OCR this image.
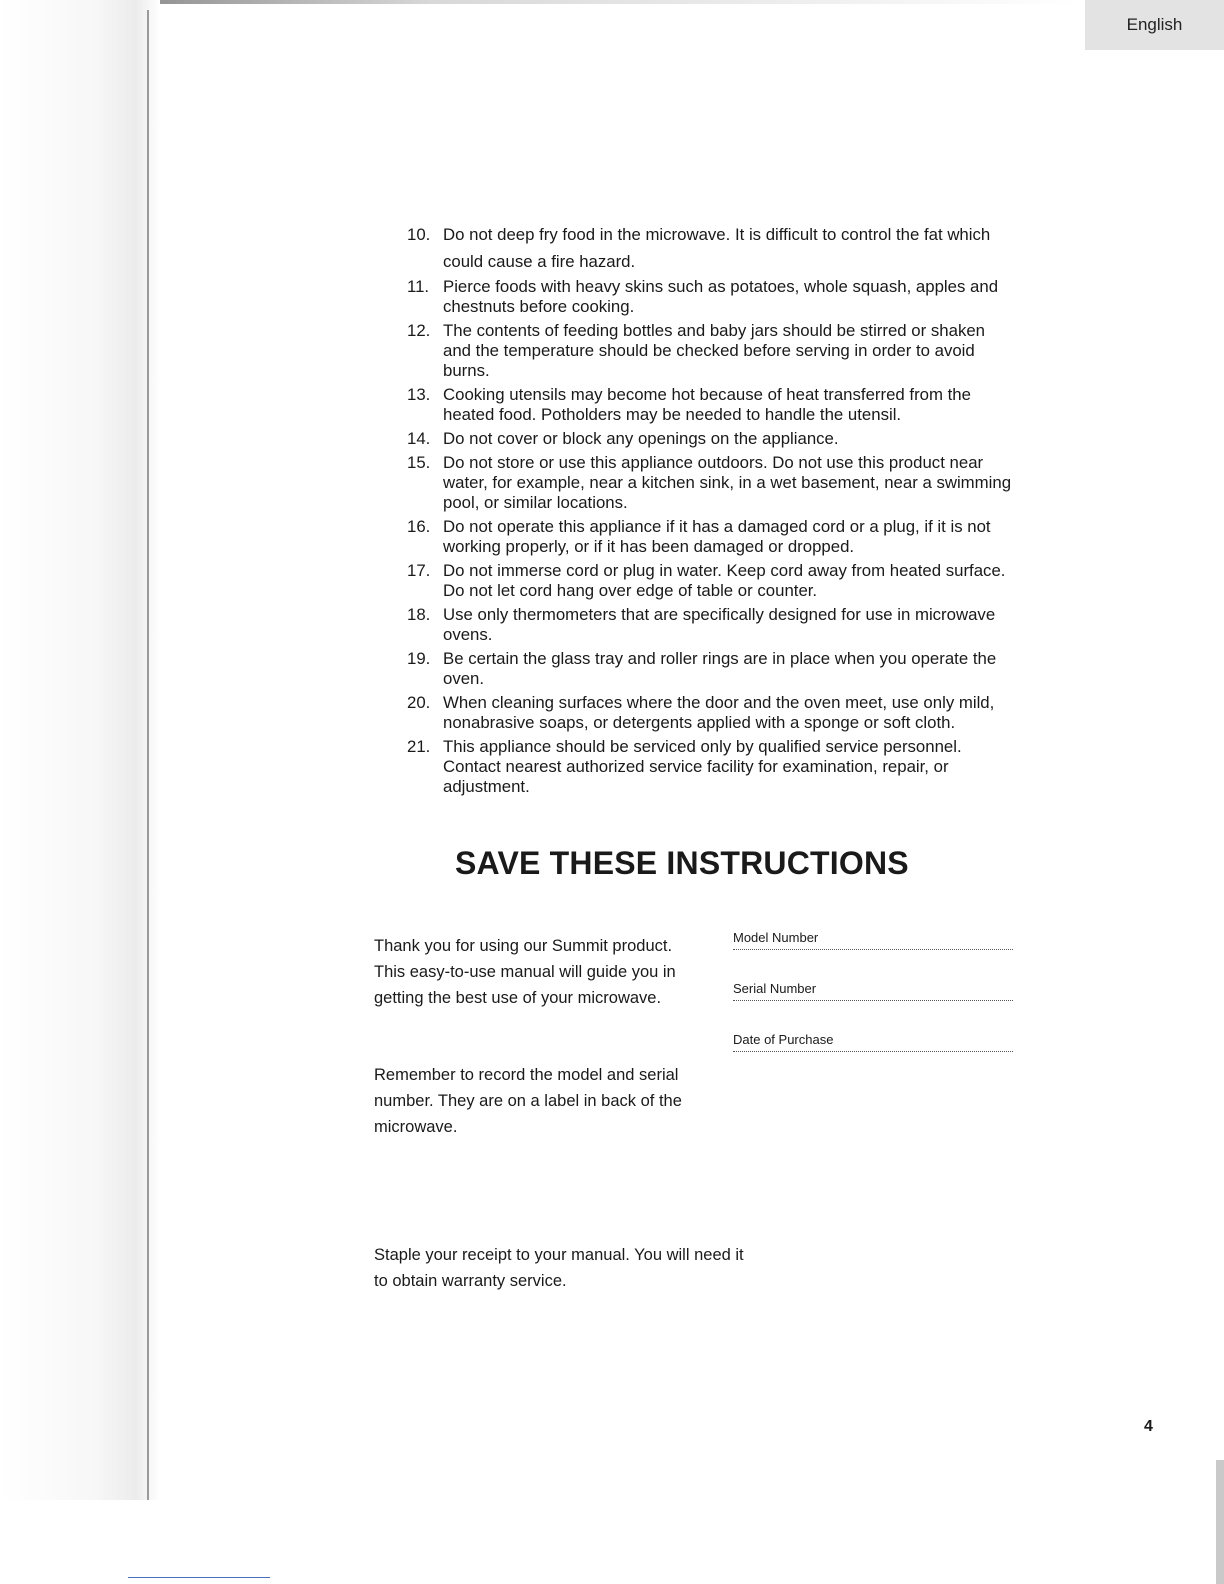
English
10. Do not deep fry food in the microwave. It is difficult to control the fat which could cause a fire hazard.
11. Pierce foods with heavy skins such as potatoes, whole squash, apples and chestnuts before cooking.
12. The contents of feeding bottles and baby jars should be stirred or shaken and the temperature should be checked before serving in order to avoid burns.
13. Cooking utensils may become hot because of heat transferred from the heated food. Potholders may be needed to handle the utensil.
14. Do not cover or block any openings on the appliance.
15. Do not store or use this appliance outdoors. Do not use this product near water, for example, near a kitchen sink, in a wet basement, near a swimming pool, or similar locations.
16. Do not operate this appliance if it has a damaged cord or a plug, if it is not working properly, or if it has been damaged or dropped.
17. Do not immerse cord or plug in water. Keep cord away from heated surface. Do not let cord hang over edge of table or counter.
18. Use only thermometers that are specifically designed for use in microwave ovens.
19. Be certain the glass tray and roller rings are in place when you operate the oven.
20. When cleaning surfaces where the door and the oven meet, use only mild, nonabrasive soaps, or detergents applied with a sponge or soft cloth.
21. This appliance should be serviced only by qualified service personnel. Contact nearest authorized service facility for examination, repair, or adjustment.
SAVE THESE INSTRUCTIONS

Thank you for using our Summit product. This easy-to-use manual will guide you in getting the best use of your microwave.

Remember to record the model and serial number. They are on a label in back of the microwave.

Staple your receipt to your manual. You will need it to obtain warranty service.

Model Number
Serial Number
Date of Purchase
4
